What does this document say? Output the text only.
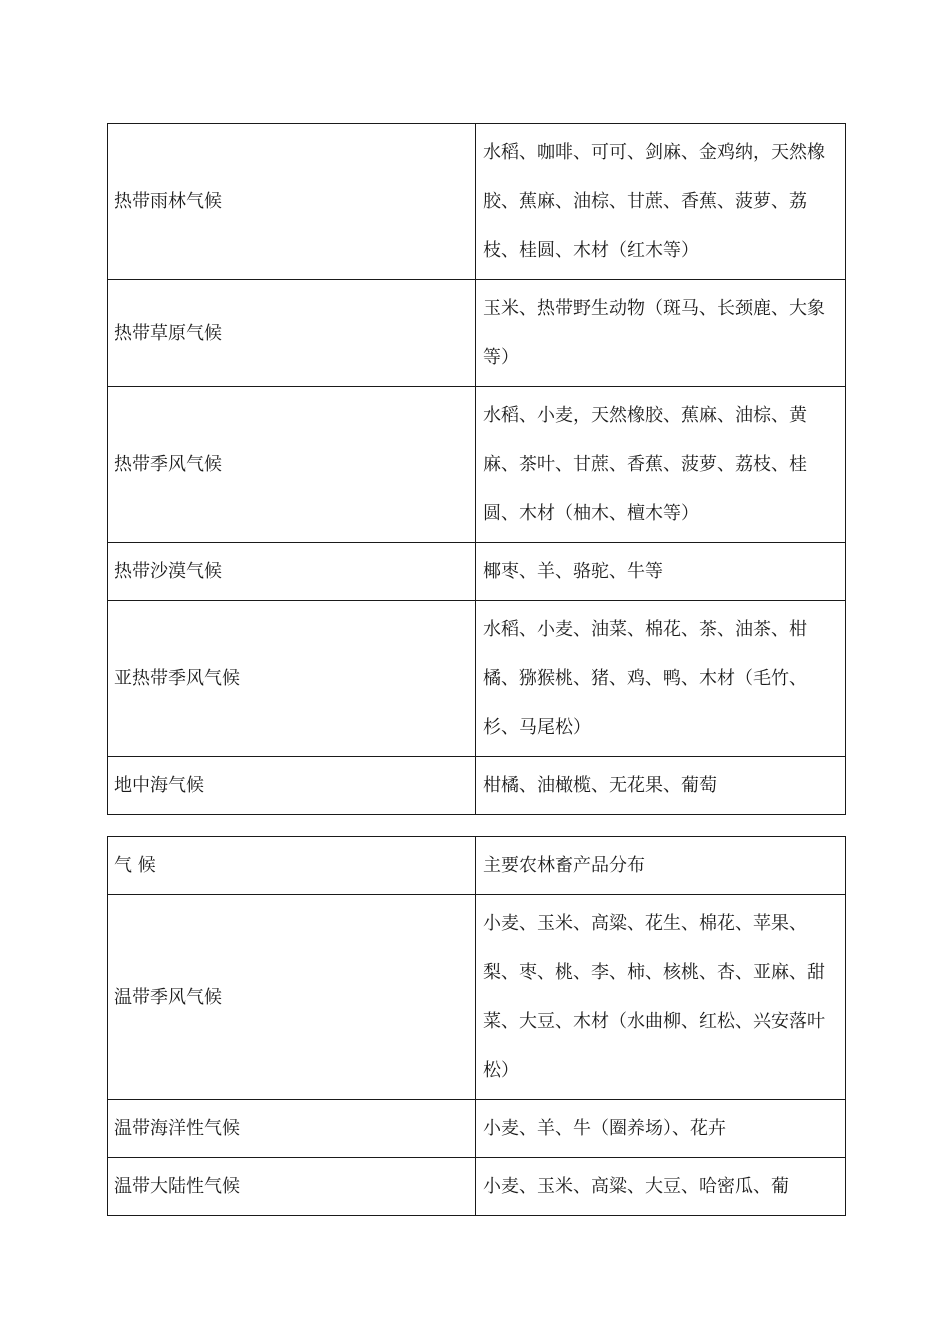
热带雨林气候	水稻、咖啡、可可、剑麻、金鸡纳，天然橡胶、蕉麻、油棕、甘蔗、香蕉、菠萝、荔枝、桂圆、木材（红木等）
热带草原气候	玉米、热带野生动物（斑马、长颈鹿、大象等）
热带季风气候	水稻、小麦，天然橡胶、蕉麻、油棕、黄麻、茶叶、甘蔗、香蕉、菠萝、荔枝、桂圆、木材（柚木、檀木等）
热带沙漠气候	椰枣、羊、骆驼、牛等
亚热带季风气候	水稻、小麦、油菜、棉花、茶、油茶、柑橘、猕猴桃、猪、鸡、鸭、木材（毛竹、杉、马尾松）
地中海气候	柑橘、油橄榄、无花果、葡萄
气 候	主要农林畜产品分布
温带季风气候	小麦、玉米、高粱、花生、棉花、苹果、梨、枣、桃、李、柿、核桃、杏、亚麻、甜菜、大豆、木材（水曲柳、红松、兴安落叶松）
温带海洋性气候	小麦、羊、牛（圈养场）、花卉
温带大陆性气候	小麦、玉米、高粱、大豆、哈密瓜、葡
